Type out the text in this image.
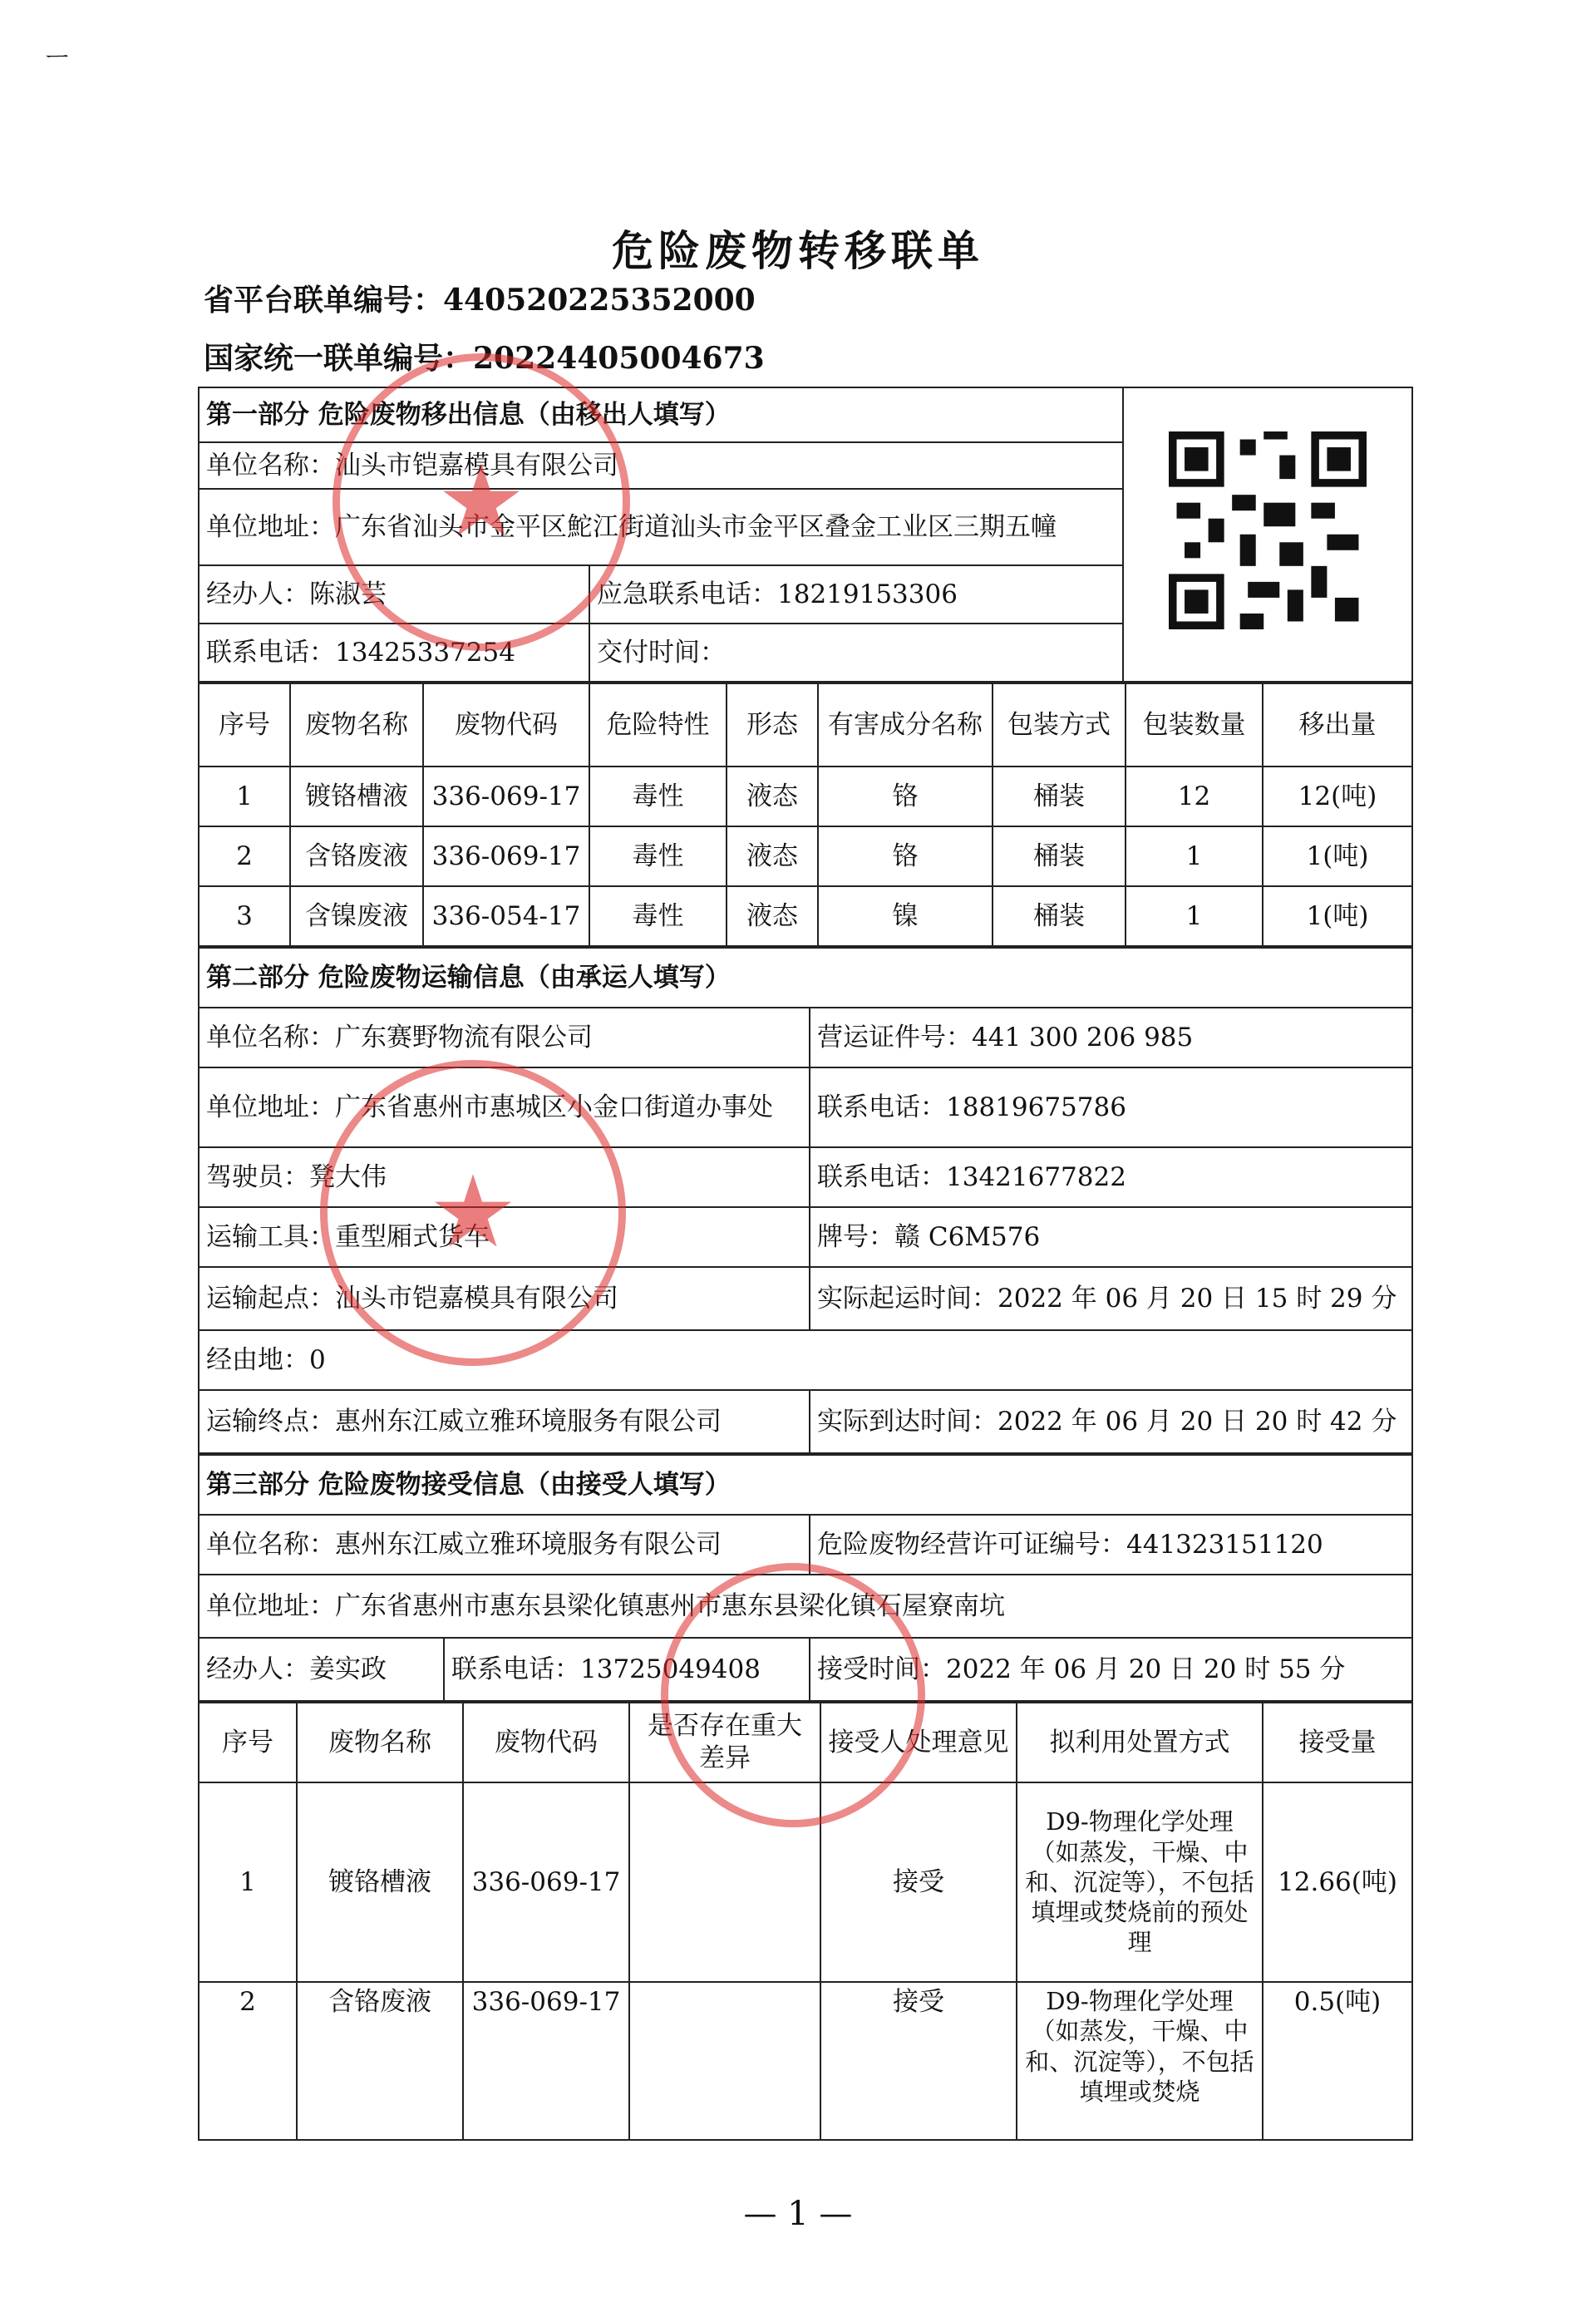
ㅡ
危险废物转移联单
省平台联单编号：440520225352000
国家统一联单编号：20224405004673
第一部分 危险废物移出信息（由移出人填写）	
单位名称：汕头市铠嘉模具有限公司		
单位地址：广东省汕头市金平区鮀江街道汕头市金平区叠金工业区三期五幢		
经办人：陈淑芸	应急联系电话：18219153306	
联系电话：13425337254	交付时间：	
序号	废物名称	废物代码	危险特性	形态	有害成分名称	包装方式	包装数量	移出量
1	镀铬槽液	336-069-17	毒性	液态	铬	桶装	12	12(吨)
2	含铬废液	336-069-17	毒性	液态	铬	桶装	1	1(吨)
3	含镍废液	336-054-17	毒性	液态	镍	桶装	1	1(吨)
第二部分 危险废物运输信息（由承运人填写）	
单位名称：广东赛野物流有限公司	营运证件号：441 300 206 985
单位地址：广东省惠州市惠城区小金口街道办事处	联系电话：18819675786
驾驶员：凳大伟	联系电话：13421677822
运输工具：重型厢式货车	牌号：赣 C6M576
运输起点：汕头市铠嘉模具有限公司	实际起运时间：2022 年 06 月 20 日 15 时 29 分
经由地：0	
运输终点：惠州东江威立雅环境服务有限公司	实际到达时间：2022 年 06 月 20 日 20 时 42 分
第三部分 危险废物接受信息（由接受人填写）		
单位名称：惠州东江威立雅环境服务有限公司		危险废物经营许可证编号：441323151120
单位地址：广东省惠州市惠东县梁化镇惠州市惠东县梁化镇石屋寮南坑		
经办人：姜实政	联系电话：13725049408	接受时间：2022 年 06 月 20 日 20 时 55 分
序号	废物名称	废物代码	是否存在重大差异	接受人处理意见	拟利用处置方式	接受量
1	镀铬槽液	336-069-17		接受	D9-物理化学处理（如蒸发，干燥、中和、沉淀等），不包括填埋或焚烧前的预处理	12.66(吨)
2	含铬废液	336-069-17		接受	D9-物理化学处理（如蒸发，干燥、中和、沉淀等），不包括填埋或焚烧	0.5(吨)
★
★
— 1 —
